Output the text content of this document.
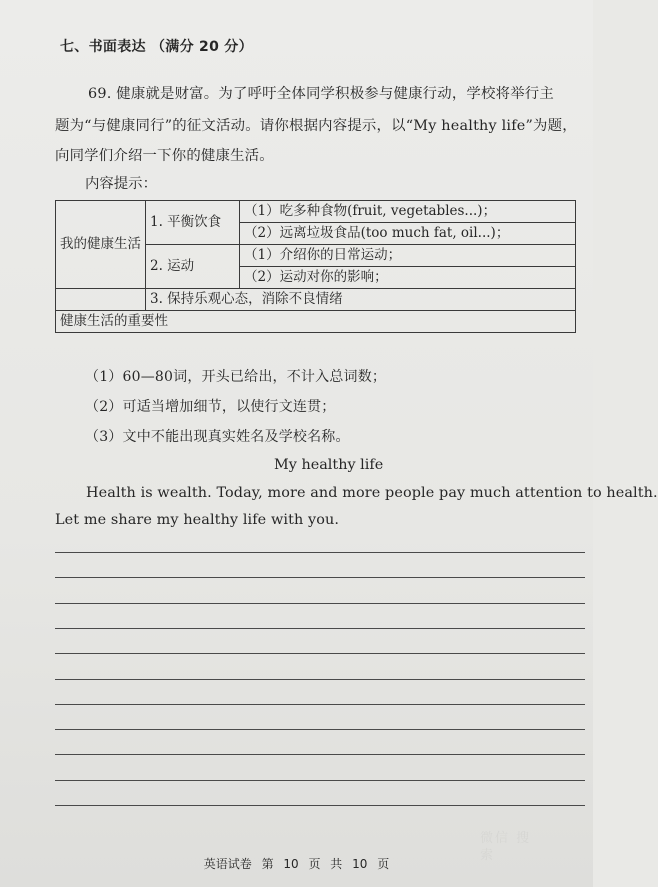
七、书面表达 （满分 20 分）
69. 健康就是财富。为了呼吁全体同学积极参与健康行动，学校将举行主
题为“与健康同行”的征文活动。请你根据内容提示，以“My healthy life”为题，
向同学们介绍一下你的健康生活。
内容提示：
我的健康生活	1. 平衡饮食	（1）吃多种食物(fruit, vegetables...)；
		（2）远离垃圾食品(too much fat, oil...)；
	2. 运动	（1）介绍你的日常运动；
		（2）运动对你的影响；
	3. 保持乐观心态，消除不良情绪	
健康生活的重要性		
（1）60—80词，开头已给出，不计入总词数；
（2）可适当增加细节，以使行文连贯；
（3）文中不能出现真实姓名及学校名称。
My healthy life
Health is wealth. Today, more and more people pay much attention to health.
Let me share my healthy life with you.
英语试卷 第 10 页 共 10 页
微信 搜索
